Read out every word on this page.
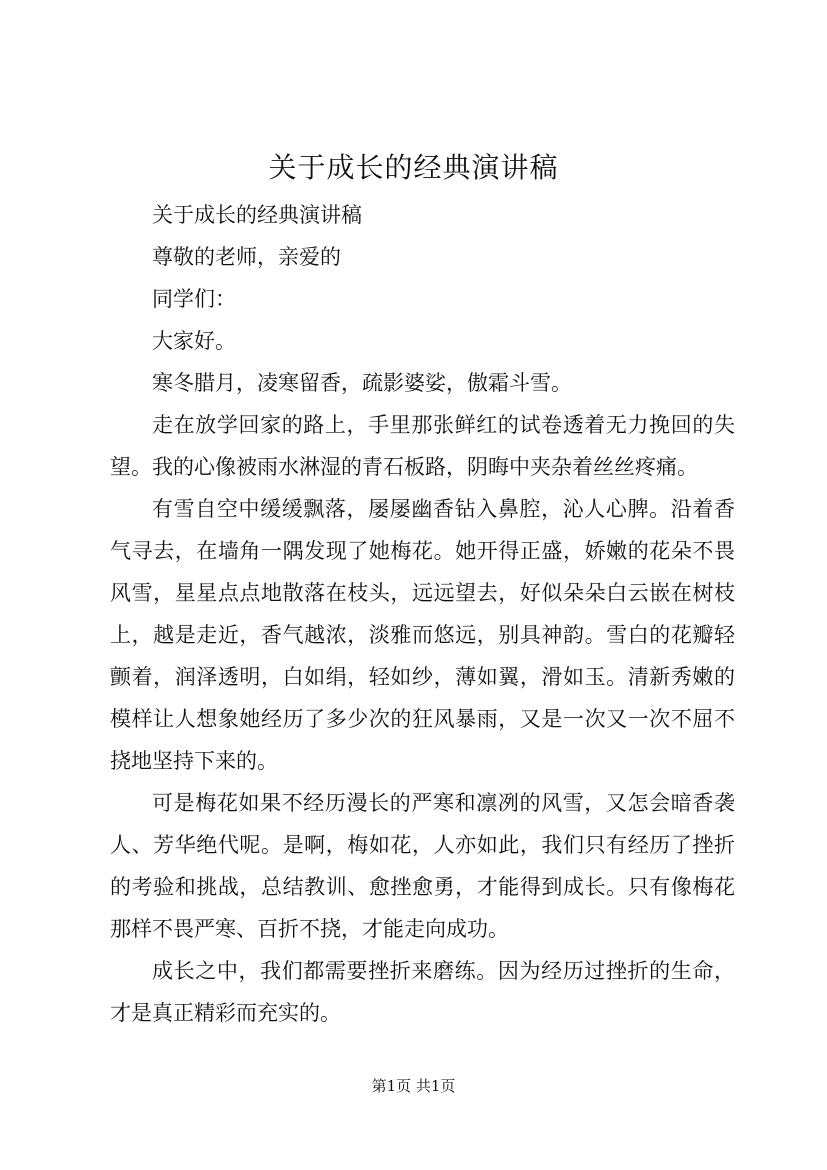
关于成长的经典演讲稿

关于成长的经典演讲稿

尊敬的老师，亲爱的

同学们：

大家好。

寒冬腊月，凌寒留香，疏影婆娑，傲霜斗雪。

走在放学回家的路上，手里那张鲜红的试卷透着无力挽回的失望。我的心像被雨水淋湿的青石板路，阴晦中夹杂着丝丝疼痛。

有雪自空中缓缓飘落，屡屡幽香钻入鼻腔，沁人心脾。沿着香气寻去，在墙角一隅发现了她梅花。她开得正盛，娇嫩的花朵不畏风雪，星星点点地散落在枝头，远远望去，好似朵朵白云嵌在树枝上，越是走近，香气越浓，淡雅而悠远，别具神韵。雪白的花瓣轻颤着，润泽透明，白如绢，轻如纱，薄如翼，滑如玉。清新秀嫩的模样让人想象她经历了多少次的狂风暴雨，又是一次又一次不屈不挠地坚持下来的。

可是梅花如果不经历漫长的严寒和凛冽的风雪，又怎会暗香袭人、芳华绝代呢。是啊，梅如花，人亦如此，我们只有经历了挫折的考验和挑战，总结教训、愈挫愈勇，才能得到成长。只有像梅花那样不畏严寒、百折不挠，才能走向成功。

成长之中，我们都需要挫折来磨练。因为经历过挫折的生命，才是真正精彩而充实的。

第1页 共1页
